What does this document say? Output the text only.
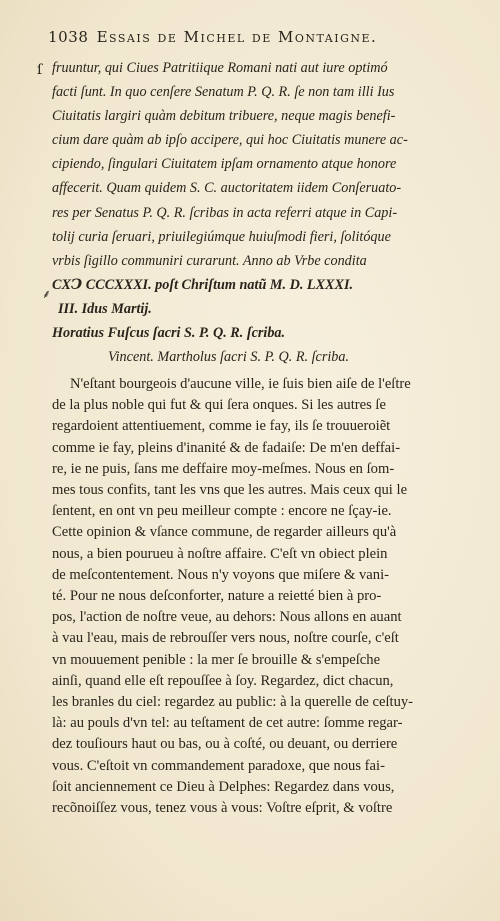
1038 Essais de Michel de Montaigne.
ſ
⸙
fruuntur, qui Ciues Patritiique Romani nati aut iure optimó
facti ſunt. In quo cenſere Senatum P. Q. R. ſe non tam illi Ius
Ciuitatis largiri quàm debitum tribuere, neque magis benefi-
cium dare quàm ab ipſo accipere, qui hoc Ciuitatis munere ac-
cipiendo, ſingulari Ciuitatem ipſam ornamento atque honore
affecerit. Quam quidem S. C. auctoritatem iidem Conſeruato-
res per Senatus P. Q. R. ſcribas in acta referri atque in Capi-
tolij curia ſeruari, priuilegiúmque huiuſmodi fieri, ſolitóque
vrbis ſigillo communiri curarunt. Anno ab Vrbe condita
CXↃ CCCXXXI. poſt Chriſtum natũ M. D. LXXXI.
III. Idus Martij.
Horatius Fuſcus ſacri S. P. Q. R. ſcriba.
Vincent. Martholus ſacri S. P. Q. R. ſcriba.
N'eſtant bourgeois d'aucune ville, ie ſuis bien aiſe de l'eſtre
de la plus noble qui fut & qui ſera onques. Si les autres ſe
regardoient attentiuement, comme ie fay, ils ſe trouueroiẽt
comme ie fay, pleins d'inanité & de fadaiſe: De m'en deffai-
re, ie ne puis, ſans me deffaire moy-meſmes. Nous en ſom-
mes tous confits, tant les vns que les autres. Mais ceux qui le
ſentent, en ont vn peu meilleur compte : encore ne ſçay-ie.
Cette opinion & vſance commune, de regarder ailleurs qu'à
nous, a bien pourueu à noſtre affaire. C'eſt vn obiect plein
de meſcontentement. Nous n'y voyons que miſere & vani-
té. Pour ne nous deſconforter, nature a reietté bien à pro-
pos, l'action de noſtre veue, au dehors: Nous allons en auant
à vau l'eau, mais de rebrouſſer vers nous, noſtre courſe, c'eſt
vn mouuement penible : la mer ſe brouille & s'empeſche
ainſi, quand elle eſt repouſſee à ſoy. Regardez, dict chacun,
les branles du ciel: regardez au public: à la querelle de ceſtuy-
là: au pouls d'vn tel: au teſtament de cet autre: ſomme regar-
dez touſiours haut ou bas, ou à coſté, ou deuant, ou derriere
vous. C'eſtoit vn commandement paradoxe, que nous fai-
ſoit anciennement ce Dieu à Delphes: Regardez dans vous,
recõnoiſſez vous, tenez vous à vous: Voſtre eſprit, & voſtre
